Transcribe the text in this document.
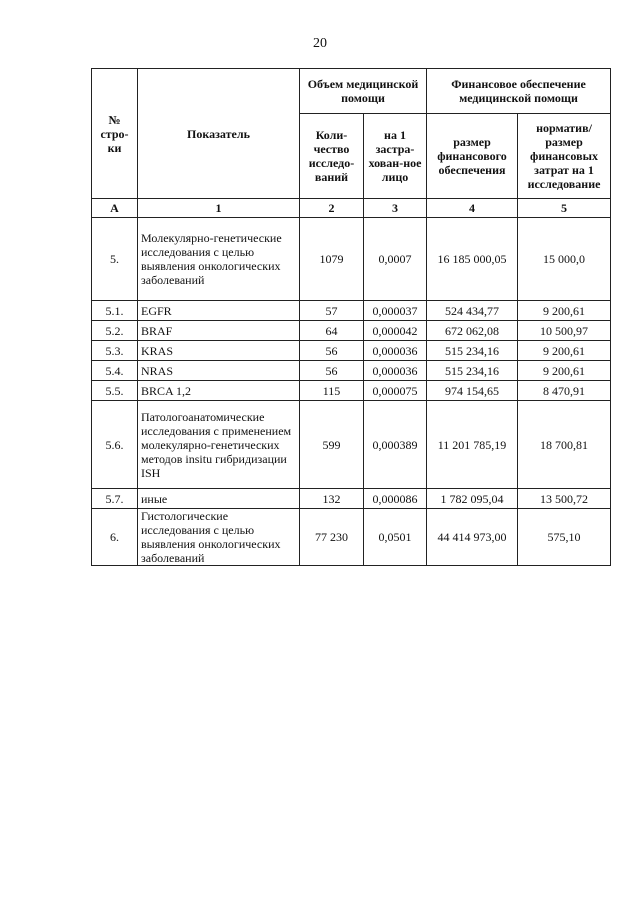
20
№ стро-ки	Показатель	Объем медицинской помощи		Финансовое обеспечение медицинской помощи	
		Коли-чество исследо-ваний	на 1 застра-хован-ное лицо	размер финансового обеспечения	норматив/ размер финансовых затрат на 1 исследование
А	1	2	3	4	5
5.	Молекулярно-генетические исследования с целью выявления онкологических заболеваний	1079	0,0007	16 185 000,05	15 000,0
5.1.	EGFR	57	0,000037	524 434,77	9 200,61
5.2.	BRAF	64	0,000042	672 062,08	10 500,97
5.3.	KRAS	56	0,000036	515 234,16	9 200,61
5.4.	NRAS	56	0,000036	515 234,16	9 200,61
5.5.	BRCA 1,2	115	0,000075	974 154,65	8 470,91
5.6.	Патологоанатомические исследования с применением молекулярно-генетических методов insitu гибридизации ISH	599	0,000389	11 201 785,19	18 700,81
5.7.	иные	132	0,000086	1 782 095,04	13 500,72
6.	Гистологические исследования с целью выявления онкологических заболеваний	77 230	0,0501	44 414 973,00	575,10
